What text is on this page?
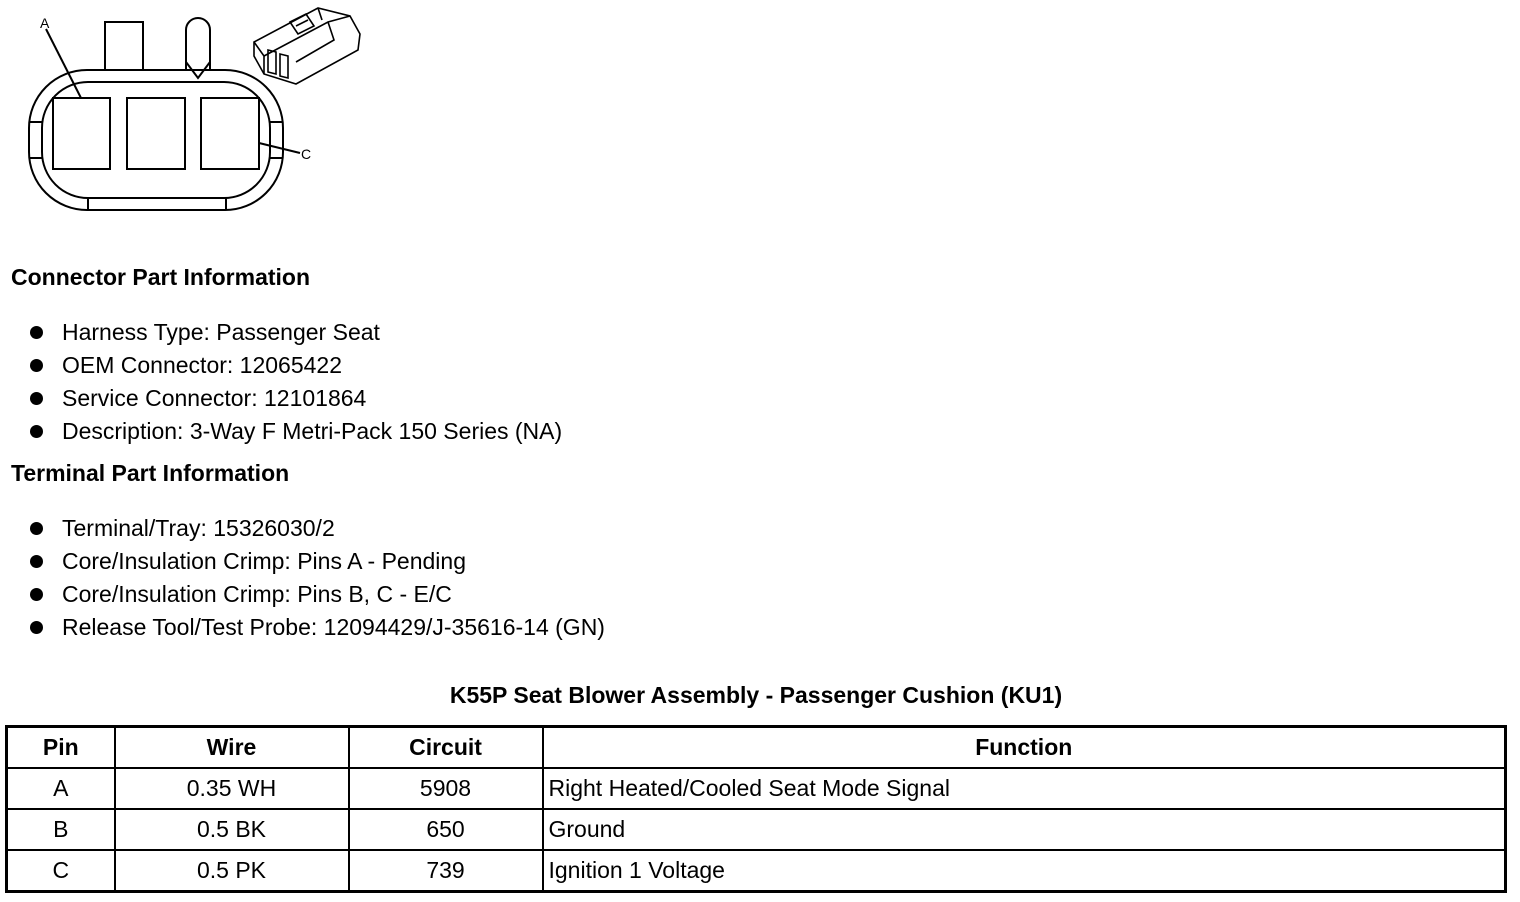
A
C
Connector Part Information
Harness Type: Passenger Seat
OEM Connector: 12065422
Service Connector: 12101864
Description: 3-Way F Metri-Pack 150 Series (NA)
Terminal Part Information
Terminal/Tray: 15326030/2
Core/Insulation Crimp: Pins A - Pending
Core/Insulation Crimp: Pins B, C - E/C
Release Tool/Test Probe: 12094429/J-35616-14 (GN)
K55P Seat Blower Assembly - Passenger Cushion (KU1)
Pin	Wire	Circuit	Function
A	0.35 WH	5908	Right Heated/Cooled Seat Mode Signal
B	0.5 BK	650	Ground
C	0.5 PK	739	Ignition 1 Voltage
